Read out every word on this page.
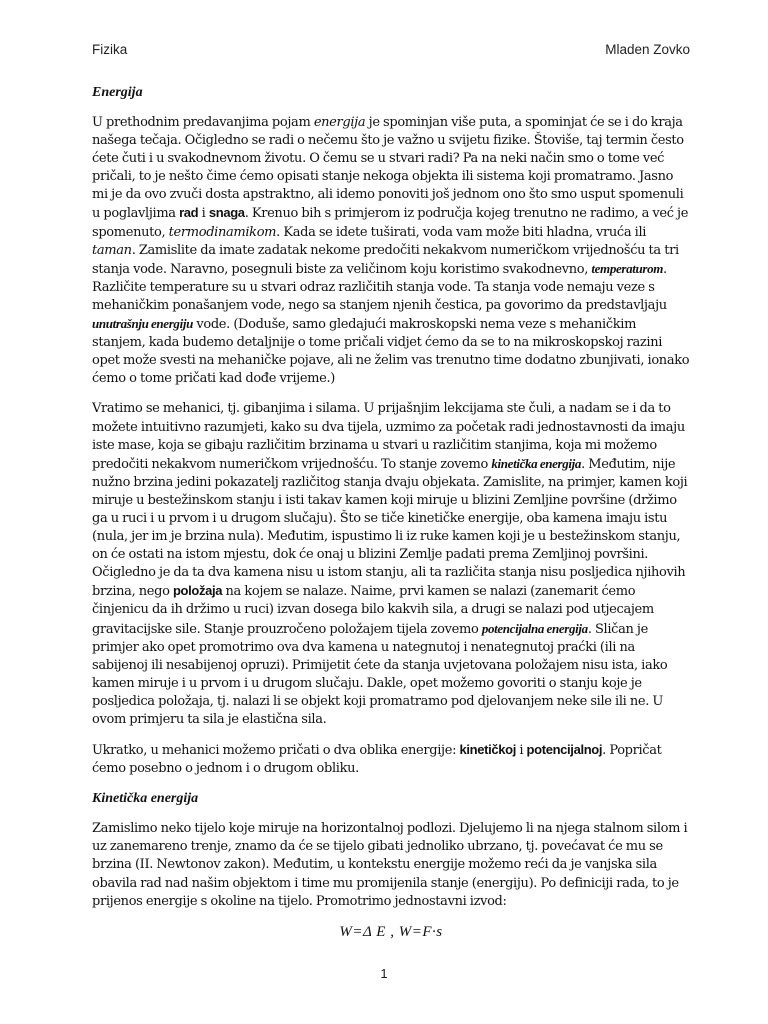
Fizika	Mladen Zovko
Energija

U prethodnim predavanjima pojam energija je spominjan više puta, a spominjat će se i do kraja našega tečaja. Očigledno se radi o nečemu što je važno u svijetu fizike. Štoviše, taj termin često ćete čuti i u svakodnevnom životu. O čemu se u stvari radi? Pa na neki način smo o tome već pričali, to je nešto čime ćemo opisati stanje nekoga objekta ili sistema koji promatramo. Jasno mi je da ovo zvuči dosta apstraktno, ali idemo ponoviti još jednom ono što smo usput spomenuli u poglavljima rad i snaga. Krenuo bih s primjerom iz područja kojeg trenutno ne radimo, a već je spomenuto, termodinamikom. Kada se idete tuširati, voda vam može biti hladna, vruća ili taman. Zamislite da imate zadatak nekome predočiti nekakvom numeričkom vrijednošću ta tri stanja vode. Naravno, posegnuli biste za veličinom koju koristimo svakodnevno, temperaturom. Različite temperature su u stvari odraz različitih stanja vode. Ta stanja vode nemaju veze s mehaničkim ponašanjem vode, nego sa stanjem njenih čestica, pa govorimo da predstavljaju unutrašnju energiju vode. (Doduše, samo gledajući makroskopski nema veze s mehaničkim stanjem, kada budemo detaljnije o tome pričali vidjet ćemo da se to na mikroskopskoj razini opet može svesti na mehaničke pojave, ali ne želim vas trenutno time dodatno zbunjivati, ionako ćemo o tome pričati kad dođe vrijeme.)

Vratimo se mehanici, tj. gibanjima i silama. U prijašnjim lekcijama ste čuli, a nadam se i da to možete intuitivno razumjeti, kako su dva tijela, uzmimo za početak radi jednostavnosti da imaju iste mase, koja se gibaju različitim brzinama u stvari u različitim stanjima, koja mi možemo predočiti nekakvom numeričkom vrijednošću. To stanje zovemo kinetička energija. Međutim, nije nužno brzina jedini pokazatelj različitog stanja dvaju objekata. Zamislite, na primjer, kamen koji miruje u bestežinskom stanju i isti takav kamen koji miruje u blizini Zemljine površine (držimo ga u ruci i u prvom i u drugom slučaju). Što se tiče kinetičke energije, oba kamena imaju istu (nula, jer im je brzina nula). Međutim, ispustimo li iz ruke kamen koji je u bestežinskom stanju, on će ostati na istom mjestu, dok će onaj u blizini Zemlje padati prema Zemljinoj površini. Očigledno je da ta dva kamena nisu u istom stanju, ali ta različita stanja nisu posljedica njihovih brzina, nego položaja na kojem se nalaze. Naime, prvi kamen se nalazi (zanemarit ćemo činjenicu da ih držimo u ruci) izvan dosega bilo kakvih sila, a drugi se nalazi pod utjecajem gravitacijske sile. Stanje prouzročeno položajem tijela zovemo potencijalna energija. Sličan je primjer ako opet promotrimo ova dva kamena u nategnutoj i nenategnutoj praćki (ili na sabijenoj ili nesabijenoj opruzi). Primijetit ćete da stanja uvjetovana položajem nisu ista, iako kamen miruje i u prvom i u drugom slučaju. Dakle, opet možemo govoriti o stanju koje je posljedica položaja, tj. nalazi li se objekt koji promatramo pod djelovanjem neke sile ili ne. U ovom primjeru ta sila je elastična sila.

Ukratko, u mehanici možemo pričati o dva oblika energije: kinetičkoj i potencijalnoj. Popričat ćemo posebno o jednom i o drugom obliku.

Kinetička energija

Zamislimo neko tijelo koje miruje na horizontalnoj podlozi. Djelujemo li na njega stalnom silom i uz zanemareno trenje, znamo da će se tijelo gibati jednoliko ubrzano, tj. povećavat će mu se brzina (II. Newtonov zakon). Međutim, u kontekstu energije možemo reći da je vanjska sila obavila rad nad našim objektom i time mu promijenila stanje (energiju). Po definiciji rada, to je prijenos energije s okoline na tijelo. Promotrimo jednostavni izvod:

W=Δ E , W=F·s
1
